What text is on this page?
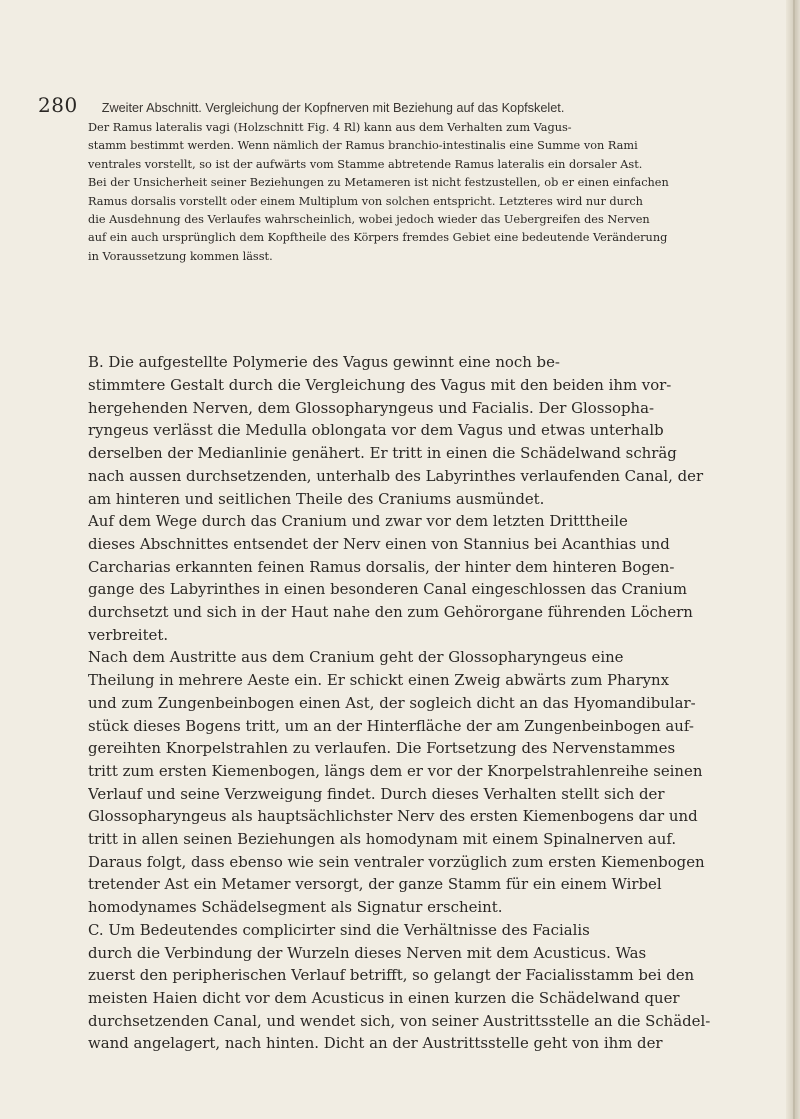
280 Zweiter Abschnitt. Vergleichung der Kopfnerven mit Beziehung auf das Kopfskelet.
Der Ramus lateralis vagi (Holzschnitt Fig. 4 Rl) kann aus dem Verhalten zum Vagus-
stamm bestimmt werden. Wenn nämlich der Ramus branchio-intestinalis eine Summe von Rami
ventrales vorstellt, so ist der aufwärts vom Stamme abtretende Ramus lateralis ein dorsaler Ast.
Bei der Unsicherheit seiner Beziehungen zu Metameren ist nicht festzustellen, ob er einen einfachen
Ramus dorsalis vorstellt oder einem Multiplum von solchen entspricht. Letzteres wird nur durch
die Ausdehnung des Verlaufes wahrscheinlich, wobei jedoch wieder das Uebergreifen des Nerven
auf ein auch ursprünglich dem Kopftheile des Körpers fremdes Gebiet eine bedeutende Veränderung
in Voraussetzung kommen lässt.
B. Die aufgestellte Polymerie des Vagus gewinnt eine noch be-
stimmtere Gestalt durch die Vergleichung des Vagus mit den beiden ihm vor-
hergehenden Nerven, dem Glossopharyngeus und Facialis. Der Glossopha-
ryngeus verlässt die Medulla oblongata vor dem Vagus und etwas unterhalb
derselben der Medianlinie genähert. Er tritt in einen die Schädelwand schräg
nach aussen durchsetzenden, unterhalb des Labyrinthes verlaufenden Canal, der
am hinteren und seitlichen Theile des Craniums ausmündet.
Auf dem Wege durch das Cranium und zwar vor dem letzten Dritttheile
dieses Abschnittes entsendet der Nerv einen von Stannius bei Acanthias und
Carcharias erkannten feinen Ramus dorsalis, der hinter dem hinteren Bogen-
gange des Labyrinthes in einen besonderen Canal eingeschlossen das Cranium
durchsetzt und sich in der Haut nahe den zum Gehörorgane führenden Löchern
verbreitet.
Nach dem Austritte aus dem Cranium geht der Glossopharyngeus eine
Theilung in mehrere Aeste ein. Er schickt einen Zweig abwärts zum Pharynx
und zum Zungenbeinbogen einen Ast, der sogleich dicht an das Hyomandibular-
stück dieses Bogens tritt, um an der Hinterfläche der am Zungenbeinbogen auf-
gereihten Knorpelstrahlen zu verlaufen. Die Fortsetzung des Nervenstammes
tritt zum ersten Kiemenbogen, längs dem er vor der Knorpelstrahlenreihe seinen
Verlauf und seine Verzweigung findet. Durch dieses Verhalten stellt sich der
Glossopharyngeus als hauptsächlichster Nerv des ersten Kiemenbogens dar und
tritt in allen seinen Beziehungen als homodynam mit einem Spinalnerven auf.
Daraus folgt, dass ebenso wie sein ventraler vorzüglich zum ersten Kiemenbogen
tretender Ast ein Metamer versorgt, der ganze Stamm für ein einem Wirbel
homodynames Schädelsegment als Signatur erscheint.
C. Um Bedeutendes complicirter sind die Verhältnisse des Facialis
durch die Verbindung der Wurzeln dieses Nerven mit dem Acusticus. Was
zuerst den peripherischen Verlauf betrifft, so gelangt der Facialisstamm bei den
meisten Haien dicht vor dem Acusticus in einen kurzen die Schädelwand quer
durchsetzenden Canal, und wendet sich, von seiner Austrittsstelle an die Schädel-
wand angelagert, nach hinten. Dicht an der Austrittsstelle geht von ihm der
